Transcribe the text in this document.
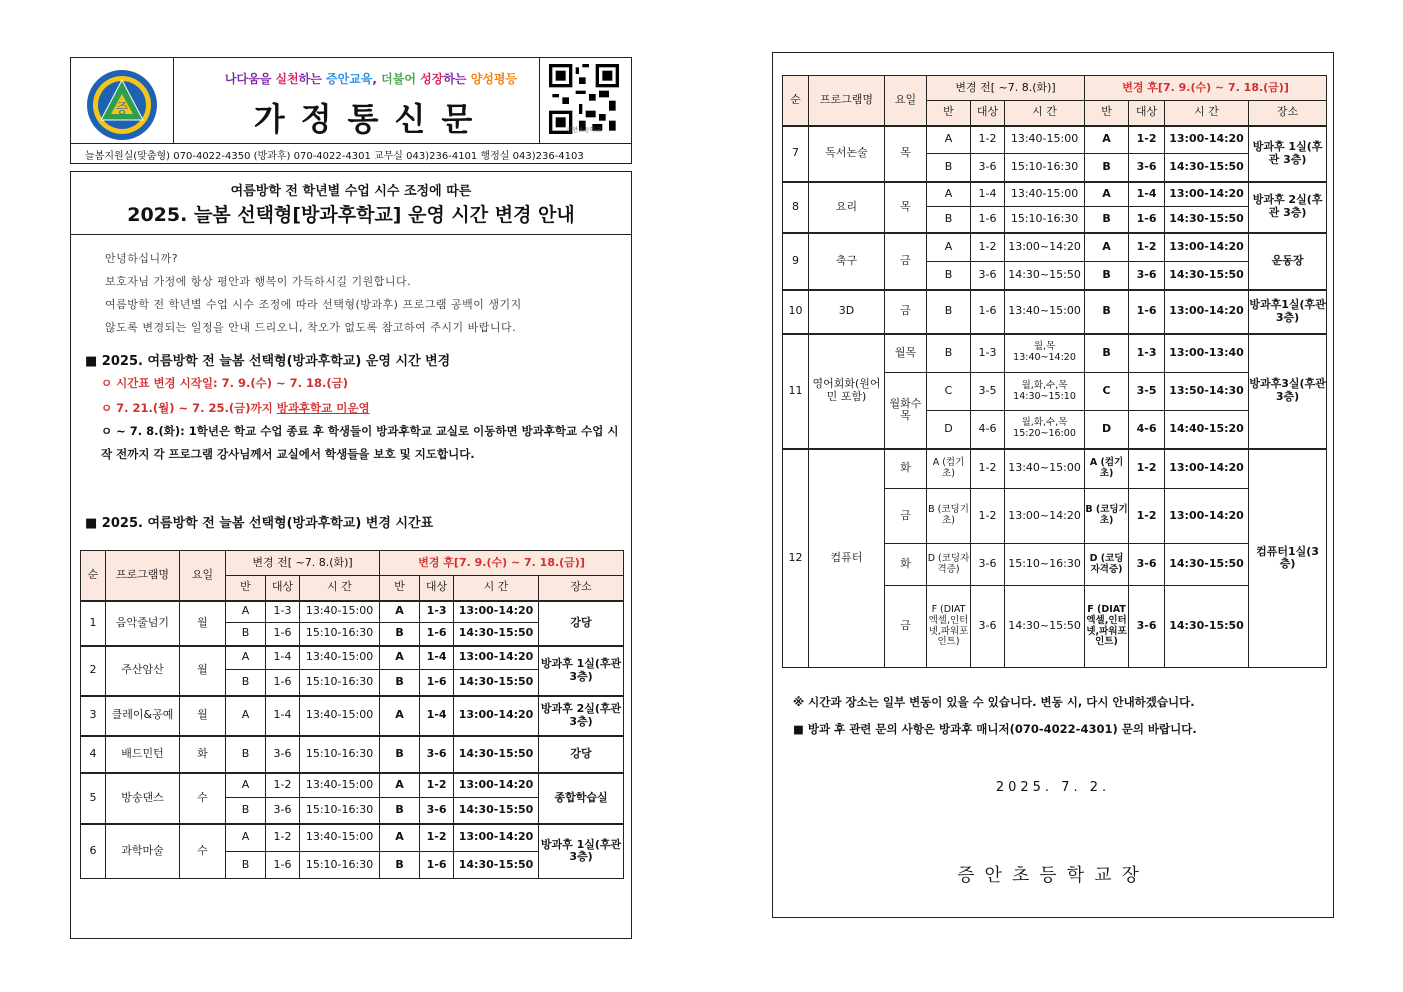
증
나다움을 실천하는 증안교육, 더불어 성장하는 양성평등
가정통신문	증안초등학교
늘봄지원실(맞춤형) 070-4022-4350 (방과후) 070-4022-4301 교무실 043)236-4101 행정실 043)236-4103
여름방학 전 학년별 수업 시수 조정에 따른
2025. 늘봄 선택형[방과후학교] 운영 시간 변경 안내
안녕하십니까?
보호자님 가정에 항상 평안과 행복이 가득하시길 기원합니다.
여름방학 전 학년별 수업 시수 조정에 따라 선택형(방과후) 프로그램 공백이 생기지
않도록 변경되는 일정을 안내 드리오니, 착오가 없도록 참고하여 주시기 바랍니다.
■ 2025. 여름방학 전 늘봄 선택형(방과후학교) 운영 시간 변경
ㅇ 시간표 변경 시작일: 7. 9.(수) ~ 7. 18.(금)
ㅇ 7. 21.(월) ~ 7. 25.(금)까지 방과후학교 미운영
ㅇ ~ 7. 8.(화): 1학년은 학교 수업 종료 후 학생들이 방과후학교 교실로 이동하면 방과후학교 수업 시작 전까지 각 프로그램 강사님께서 교실에서 학생들을 보호 및 지도합니다.
■ 2025. 여름방학 전 늘봄 선택형(방과후학교) 변경 시간표
순	프로그램명	요일	변경 전[ ~7. 8.(화)]			변경 후[7. 9.(수) ~ 7. 18.(금)]			
			반	대상	시 간	반	대상	시 간	장소
1	음악줄넘기	월	A	1-3	13:40-15:00	A	1-3	13:00-14:20	강당
			B	1-6	15:10-16:30	B	1-6	14:30-15:50	
2	주산암산	월	A	1-4	13:40-15:00	A	1-4	13:00-14:20	방과후 1실(후관 3층)
			B	1-6	15:10-16:30	B	1-6	14:30-15:50	
3	클레이&공예	월	A	1-4	13:40-15:00	A	1-4	13:00-14:20	방과후 2실(후관 3층)
4	배드민턴	화	B	3-6	15:10-16:30	B	3-6	14:30-15:50	강당
5	방송댄스	수	A	1-2	13:40-15:00	A	1-2	13:00-14:20	종합학습실
			B	3-6	15:10-16:30	B	3-6	14:30-15:50	
6	과학마술	수	A	1-2	13:40-15:00	A	1-2	13:00-14:20	방과후 1실(후관 3층)
			B	1-6	15:10-16:30	B	1-6	14:30-15:50	
순	프로그램명	요일	변경 전[ ~7. 8.(화)]			변경 후[7. 9.(수) ~ 7. 18.(금)]			
			반	대상	시 간	반	대상	시 간	장소
7	독서논술	목	A	1-2	13:40-15:00	A	1-2	13:00-14:20	방과후 1실(후관 3층)
			B	3-6	15:10-16:30	B	3-6	14:30-15:50	
8	요리	목	A	1-4	13:40-15:00	A	1-4	13:00-14:20	방과후 2실(후관 3층)
			B	1-6	15:10-16:30	B	1-6	14:30-15:50	
9	축구	금	A	1-2	13:00~14:20	A	1-2	13:00-14:20	운동장
			B	3-6	14:30~15:50	B	3-6	14:30-15:50	
10	3D	금	B	1-6	13:40~15:00	B	1-6	13:00-14:20	방과후1실(후관 3층)
11	영어회화(원어민 포함)	월목	B	1-3	월,목 13:40~14:20	B	1-3	13:00-13:40	방과후3실(후관 3층)
		월화수목	C	3-5	월,화,수,목 14:30~15:10	C	3-5	13:50-14:30	
			D	4-6	월,화,수,목 15:20~16:00	D	4-6	14:40-15:20	
12	컴퓨터	화	A (컴기초)	1-2	13:40~15:00	A (컴기초)	1-2	13:00-14:20	컴퓨터1실(3층)
		금	B (코딩기초)	1-2	13:00~14:20	B (코딩기초)	1-2	13:00-14:20	
		화	D (코딩자격증)	3-6	15:10~16:30	D (코딩자격증)	3-6	14:30-15:50	
		금	F (DIAT 엑셀,인터넷,파워포인트)	3-6	14:30~15:50	F (DIAT 엑셀,인터넷,파워포인트)	3-6	14:30-15:50	
※ 시간과 장소는 일부 변동이 있을 수 있습니다. 변동 시, 다시 안내하겠습니다.
■ 방과 후 관련 문의 사항은 방과후 매니저(070-4022-4301) 문의 바랍니다.
2025. 7. 2.
증안초등학교장
